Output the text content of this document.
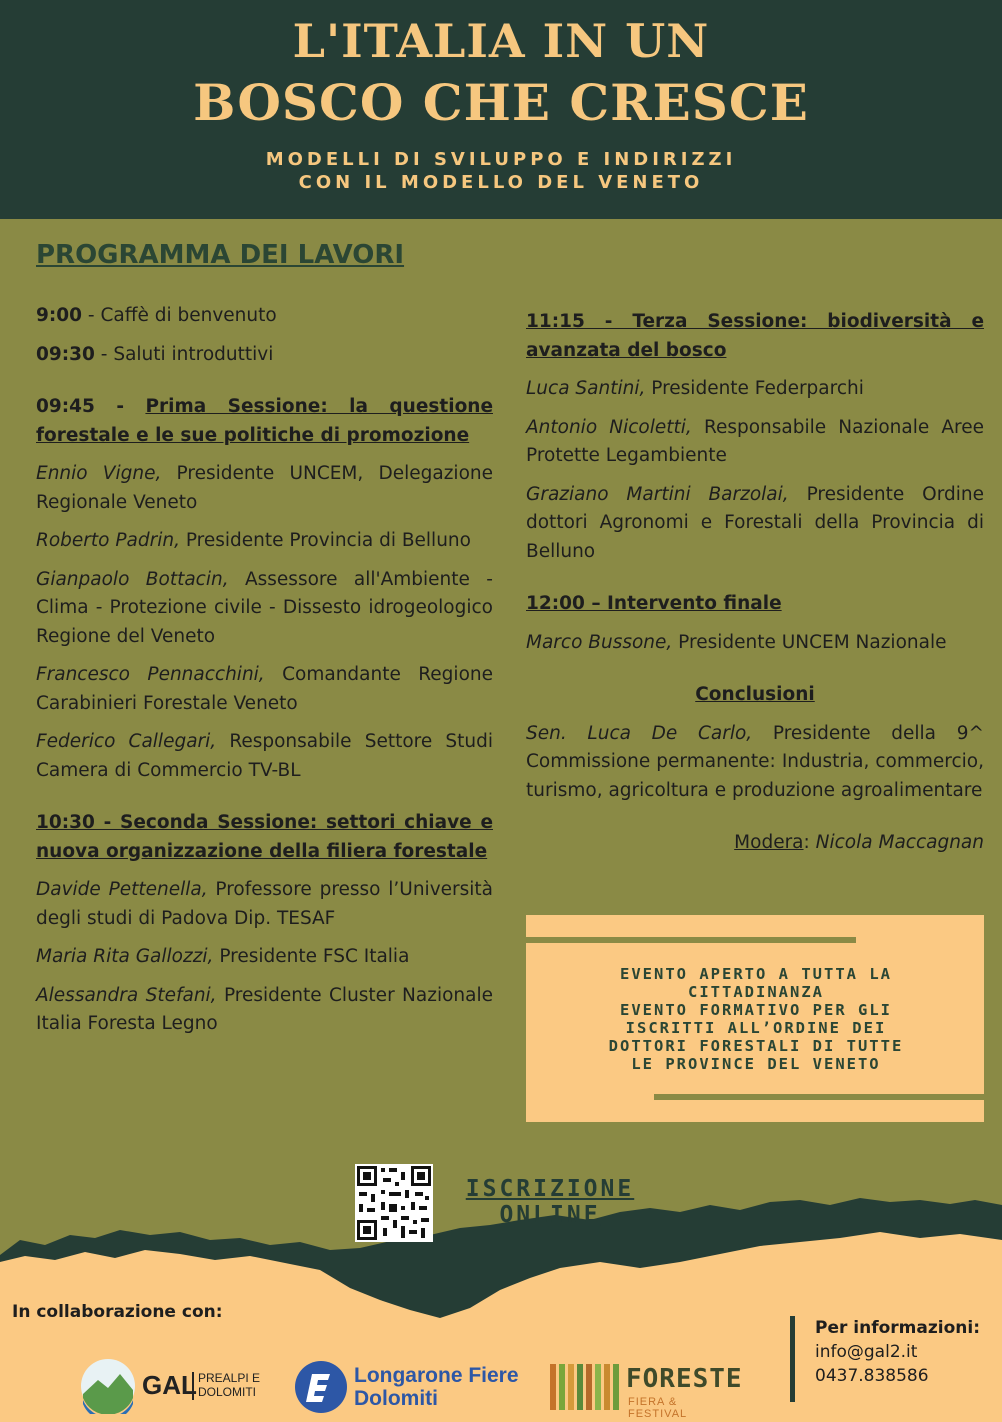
L'ITALIA IN UN
BOSCO CHE CRESCE
MODELLI DI SVILUPPO E INDIRIZZI
CON IL MODELLO DEL VENETO
PROGRAMMA DEI LAVORI

9:00 - Caffè di benvenuto

09:30 - Saluti introduttivi

09:45 - Prima Sessione: la questione forestale e le sue politiche di promozione

Ennio Vigne, Presidente UNCEM, Delegazione Regionale Veneto

Roberto Padrin, Presidente Provincia di Belluno

Gianpaolo Bottacin, Assessore all'Ambiente - Clima - Protezione civile - Dissesto idrogeologico Regione del Veneto

Francesco Pennacchini, Comandante Regione Carabinieri Forestale Veneto

Federico Callegari, Responsabile Settore Studi Camera di Commercio TV-BL

10:30 - Seconda Sessione: settori chiave e nuova organizzazione della filiera forestale

Davide Pettenella, Professore presso l’Università degli studi di Padova Dip. TESAF

Maria Rita Gallozzi, Presidente FSC Italia

Alessandra Stefani, Presidente Cluster Nazionale Italia Foresta Legno

11:15 - Terza Sessione: biodiversità e avanzata del bosco

Luca Santini, Presidente Federparchi

Antonio Nicoletti, Responsabile Nazionale Aree Protette Legambiente

Graziano Martini Barzolai, Presidente Ordine dottori Agronomi e Forestali della Provincia di Belluno

12:00 – Intervento finale

Marco Bussone, Presidente UNCEM Nazionale

Conclusioni

Sen. Luca De Carlo, Presidente della 9^ Commissione permanente: Industria, commercio, turismo, agricoltura e produzione agroalimentare

Modera: Nicola Maccagnan

EVENTO APERTO A TUTTA LA
CITTADINANZA
EVENTO FORMATIVO PER GLI
ISCRITTI ALL’ORDINE DEI
DOTTORI FORESTALI DI TUTTE
LE PROVINCE DEL VENETO
ISCRIZIONE
ONLINE
In collaborazione con:
GAL PREALPI E
DOLOMITI
Longarone Fiere
Dolomiti
FORESTE
FIERA & FESTIVAL
Per informazioni:
info@gal2.it
0437.838586
